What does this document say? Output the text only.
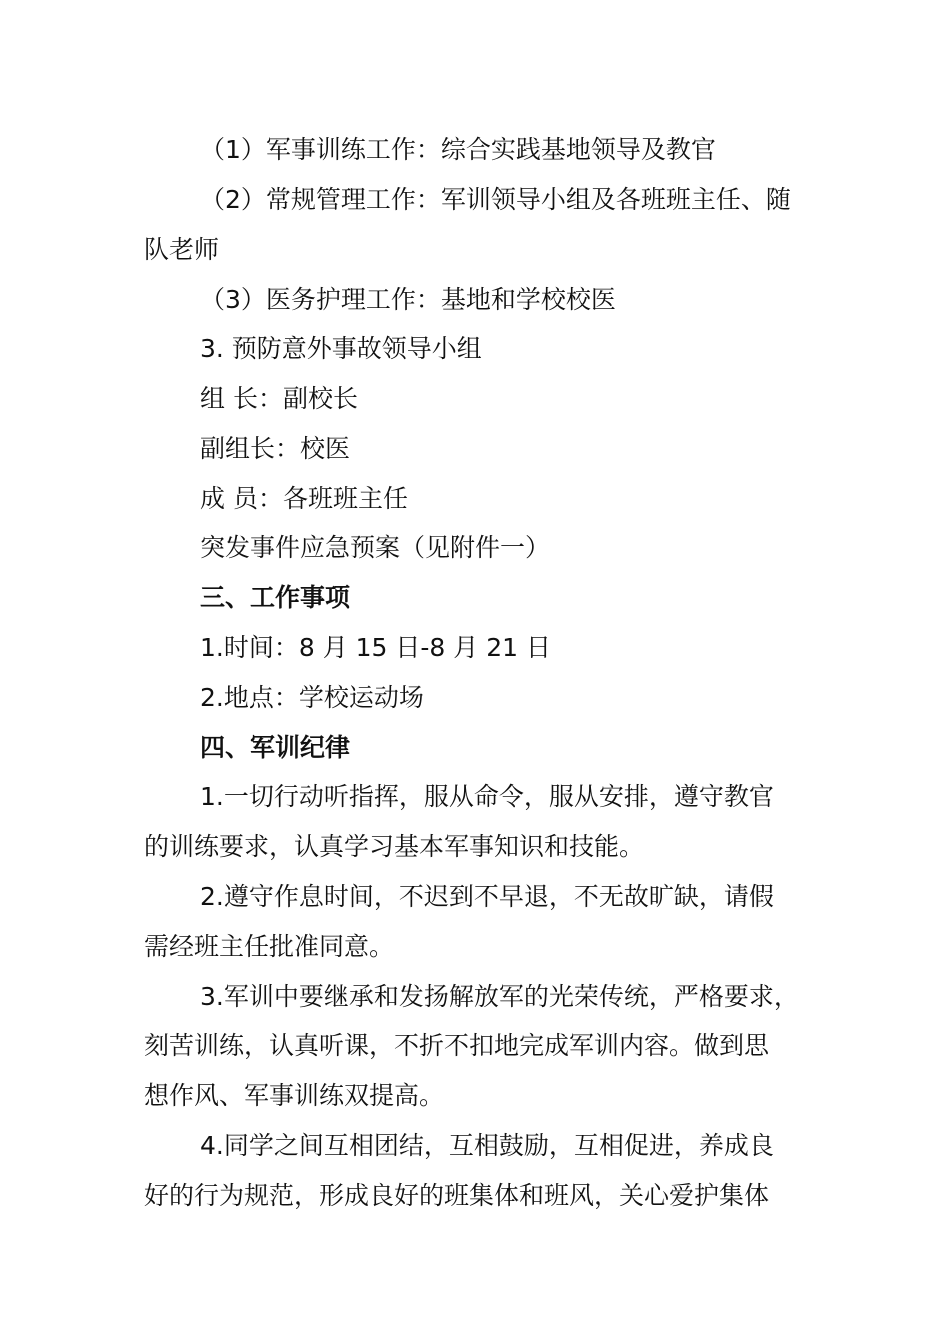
（1）军事训练工作：综合实践基地领导及教官
（2）常规管理工作：军训领导小组及各班班主任、随
队老师
（3）医务护理工作：基地和学校校医
3. 预防意外事故领导小组
组 长：副校长
副组长：校医
成 员：各班班主任
突发事件应急预案（见附件一）
三、工作事项
1.时间：8 月 15 日-8 月 21 日
2.地点：学校运动场
四、军训纪律
1.一切行动听指挥，服从命令，服从安排，遵守教官
的训练要求，认真学习基本军事知识和技能。
2.遵守作息时间，不迟到不早退，不无故旷缺，请假
需经班主任批准同意。
3.军训中要继承和发扬解放军的光荣传统，严格要求，
刻苦训练，认真听课，不折不扣地完成军训内容。做到思
想作风、军事训练双提高。
4.同学之间互相团结，互相鼓励，互相促进，养成良
好的行为规范，形成良好的班集体和班风，关心爱护集体
